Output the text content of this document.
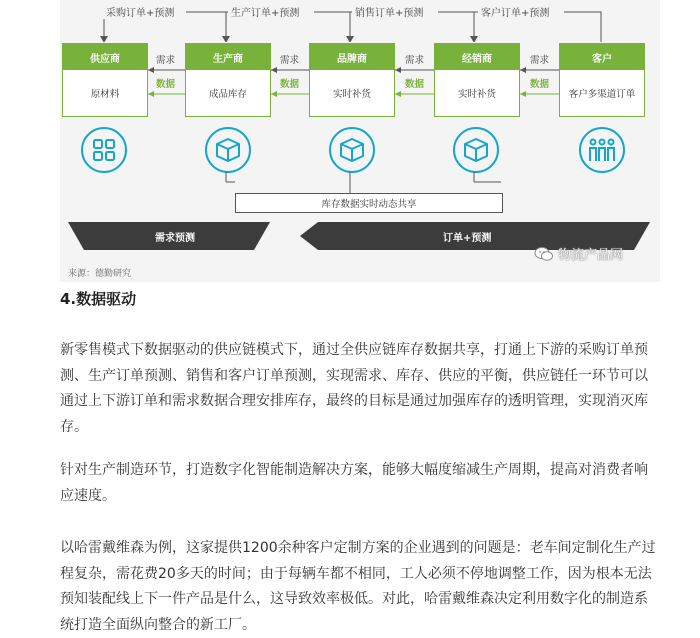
采购订单+预测	生产订单+预测	销售订单+预测	客户订单+预测
供应商
原材料
生产商
成品库存
品牌商
实时补货
经销商
实时补货
客户
客户多渠道订单
需求	需求	需求	需求
数据	数据	数据	数据
库存数据实时动态共享
需求预测	订单+预测
来源：德勤研究
物流产品网
4.数据驱动

新零售模式下数据驱动的供应链模式下，通过全供应链库存数据共享，打通上下游的采购订单预测、生产订单预测、销售和客户订单预测，实现需求、库存、供应的平衡，供应链任一环节可以通过上下游订单和需求数据合理安排库存，最终的目标是通过加强库存的透明管理，实现消灭库存。

针对生产制造环节，打造数字化智能制造解决方案，能够大幅度缩减生产周期，提高对消费者响应速度。

以哈雷戴维森为例，这家提供1200余种客户定制方案的企业遇到的问题是：老车间定制化生产过程复杂，需花费20多天的时间；由于每辆车都不相同，工人必须不停地调整工作，因为根本无法预知装配线上下一件产品是什么，这导致效率极低。对此，哈雷戴维森决定利用数字化的制造系统打造全面纵向整合的新工厂。
